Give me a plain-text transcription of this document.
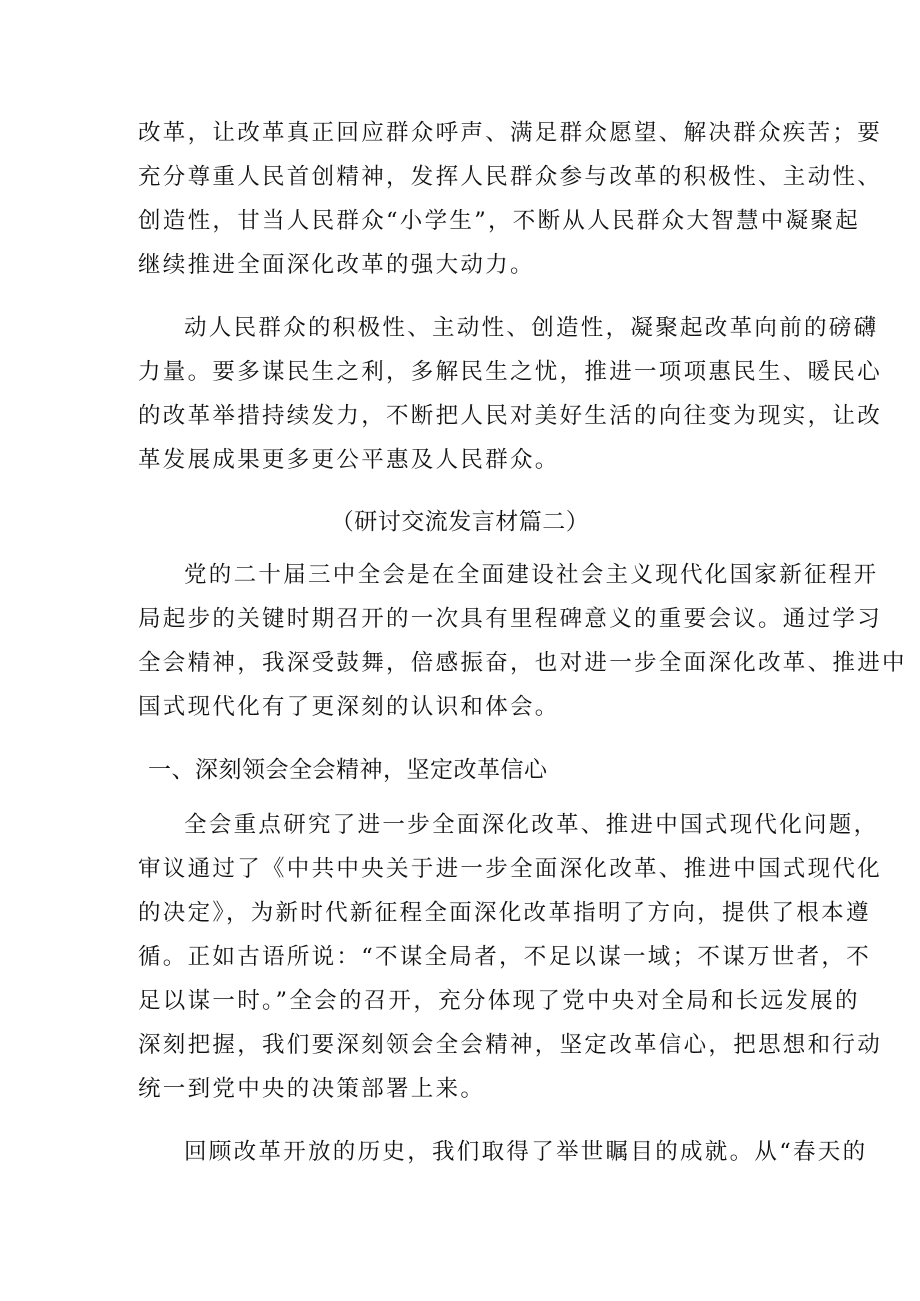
改革，让改革真正回应群众呼声、满足群众愿望、解决群众疾苦；要
充分尊重人民首创精神，发挥人民群众参与改革的积极性、主动性、
创造性，甘当人民群众“小学生”，不断从人民群众大智慧中凝聚起
继续推进全面深化改革的强大动力。
动人民群众的积极性、主动性、创造性，凝聚起改革向前的磅礴
力量。要多谋民生之利，多解民生之忧，推进一项项惠民生、暖民心
的改革举措持续发力，不断把人民对美好生活的向往变为现实，让改
革发展成果更多更公平惠及人民群众。
（研讨交流发言材篇二）
党的二十届三中全会是在全面建设社会主义现代化国家新征程开
局起步的关键时期召开的一次具有里程碑意义的重要会议。通过学习
全会精神，我深受鼓舞，倍感振奋，也对进一步全面深化改革、推进中
国式现代化有了更深刻的认识和体会。
一、深刻领会全会精神，坚定改革信心
全会重点研究了进一步全面深化改革、推进中国式现代化问题，
审议通过了《中共中央关于进一步全面深化改革、推进中国式现代化
的决定》，为新时代新征程全面深化改革指明了方向，提供了根本遵
循。正如古语所说：“不谋全局者，不足以谋一域；不谋万世者，不
足以谋一时。”全会的召开，充分体现了党中央对全局和长远发展的
深刻把握，我们要深刻领会全会精神，坚定改革信心，把思想和行动
统一到党中央的决策部署上来。
回顾改革开放的历史，我们取得了举世瞩目的成就。从“春天的
